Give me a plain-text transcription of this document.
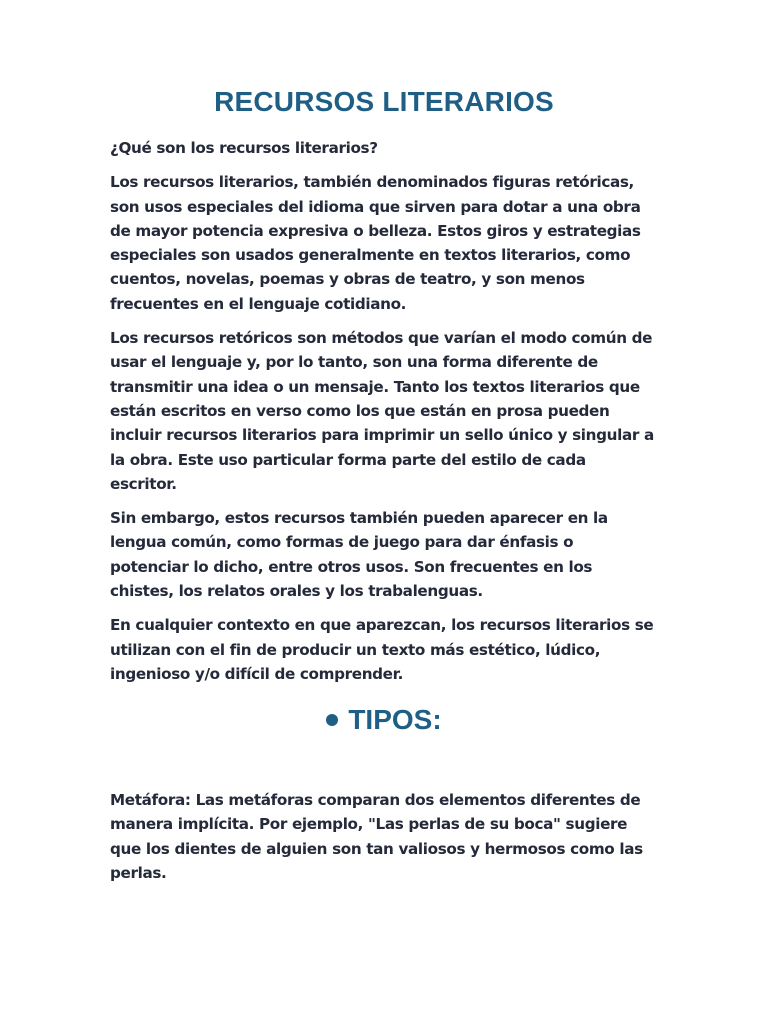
RECURSOS LITERARIOS

¿Qué son los recursos literarios?

Los recursos literarios, también denominados figuras retóricas, son usos especiales del idioma que sirven para dotar a una obra de mayor potencia expresiva o belleza. Estos giros y estrategias especiales son usados generalmente en textos literarios, como cuentos, novelas, poemas y obras de teatro, y son menos frecuentes en el lenguaje cotidiano.

Los recursos retóricos son métodos que varían el modo común de usar el lenguaje y, por lo tanto, son una forma diferente de transmitir una idea o un mensaje. Tanto los textos literarios que están escritos en verso como los que están en prosa pueden incluir recursos literarios para imprimir un sello único y singular a la obra. Este uso particular forma parte del estilo de cada escritor.

Sin embargo, estos recursos también pueden aparecer en la lengua común, como formas de juego para dar énfasis o potenciar lo dicho, entre otros usos. Son frecuentes en los chistes, los relatos orales y los trabalenguas.

En cualquier contexto en que aparezcan, los recursos literarios se utilizan con el fin de producir un texto más estético, lúdico, ingenioso y/o difícil de comprender.

TIPOS:

Metáfora: Las metáforas comparan dos elementos diferentes de manera implícita. Por ejemplo, "Las perlas de su boca" sugiere que los dientes de alguien son tan valiosos y hermosos como las perlas.
